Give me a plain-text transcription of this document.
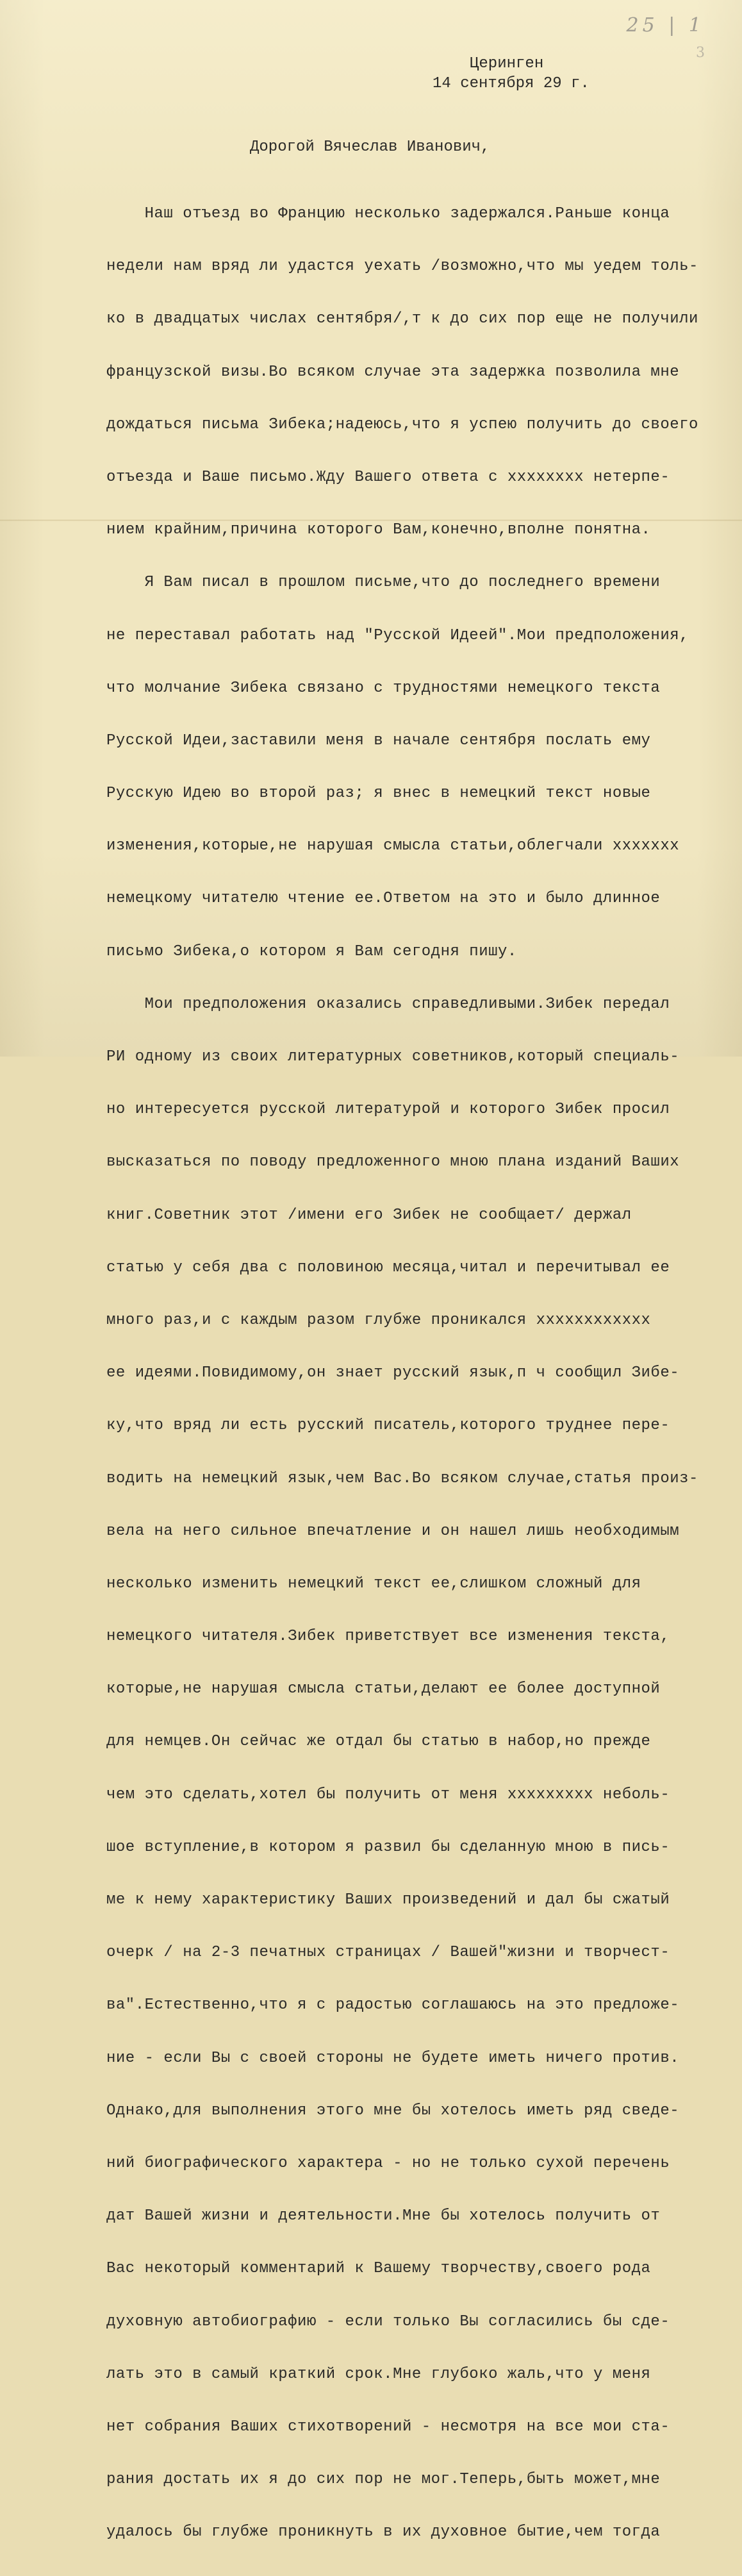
25 | 1
3
Церинген
14 сентября 29 г.
Дорогой Вячеслав Иванович,

Наш отъезд во Францию несколько задержался.Раньше конца

недели нам вряд ли удастся уехать /возможно,что мы уедем толь-

ко в двадцатых числах сентября/,т к до сих пор еще не получили

французской визы.Во всяком случае эта задержка позволила мне

дождаться письма Зибека;надеюсь,что я успею получить до своего

отъезда и Ваше письмо.Жду Вашего ответа с xxxxxxxx нетерпе-

нием крайним,причина которого Вам,конечно,вполне понятна.

Я Вам писал в прошлом письме,что до последнего времени

не переставал работать над "Русской Идеей".Мои предположения,

что молчание Зибека связано с трудностями немецкого текста

Русской Идеи,заставили меня в начале сентября послать ему

Русскую Идею во второй раз; я внес в немецкий текст новые

изменения,которые,не нарушая смысла статьи,облегчали xxxxxxx

немецкому читателю чтение ее.Ответом на это и было длинное

письмо Зибека,о котором я Вам сегодня пишу.

Мои предположения оказались справедливыми.Зибек передал

РИ одному из своих литературных советников,который специаль-

но интересуется русской литературой и которого Зибек просил

высказаться по поводу предложенного мною плана изданий Ваших

книг.Советник этот /имени его Зибек не сообщает/ держал

статью у себя два с половиною месяца,читал и перечитывал ее

много раз,и с каждым разом глубже проникался xxxxxxxxxxxx

ее идеями.Повидимому,он знает русский язык,п ч сообщил Зибе-

ку,что вряд ли есть русский писатель,которого труднее пере-

водить на немецкий язык,чем Вас.Во всяком случае,статья произ-

вела на него сильное впечатление и он нашел лишь необходимым

несколько изменить немецкий текст ее,слишком сложный для

немецкого читателя.Зибек приветствует все изменения текста,

которые,не нарушая смысла статьи,делают ее более доступной

для немцев.Он сейчас же отдал бы статью в набор,но прежде

чем это сделать,хотел бы получить от меня xxxxxxxxx неболь-

шое вступление,в котором я развил бы сделанную мною в пись-

ме к нему характеристику Ваших произведений и дал бы сжатый

очерк / на 2-3 печатных страницах / Вашей"жизни и творчест-

ва".Естественно,что я с радостью соглашаюсь на это предложе-

ние - если Вы с своей стороны не будете иметь ничего против.

Однако,для выполнения этого мне бы хотелось иметь ряд сведе-

ний биографического характера - но не только сухой перечень

дат Вашей жизни и деятельности.Мне бы хотелось получить от

Вас некоторый комментарий к Вашему творчеству,своего рода

духовную автобиографию - если только Вы согласились бы сде-

лать это в самый краткий срок.Мне глубоко жаль,что у меня

нет собрания Ваших стихотворений - несмотря на все мои ста-

рания достать их я до сих пор не мог.Теперь,быть может,мне

удалось бы глубже проникнуть в их духовное бытие,чем тогда
